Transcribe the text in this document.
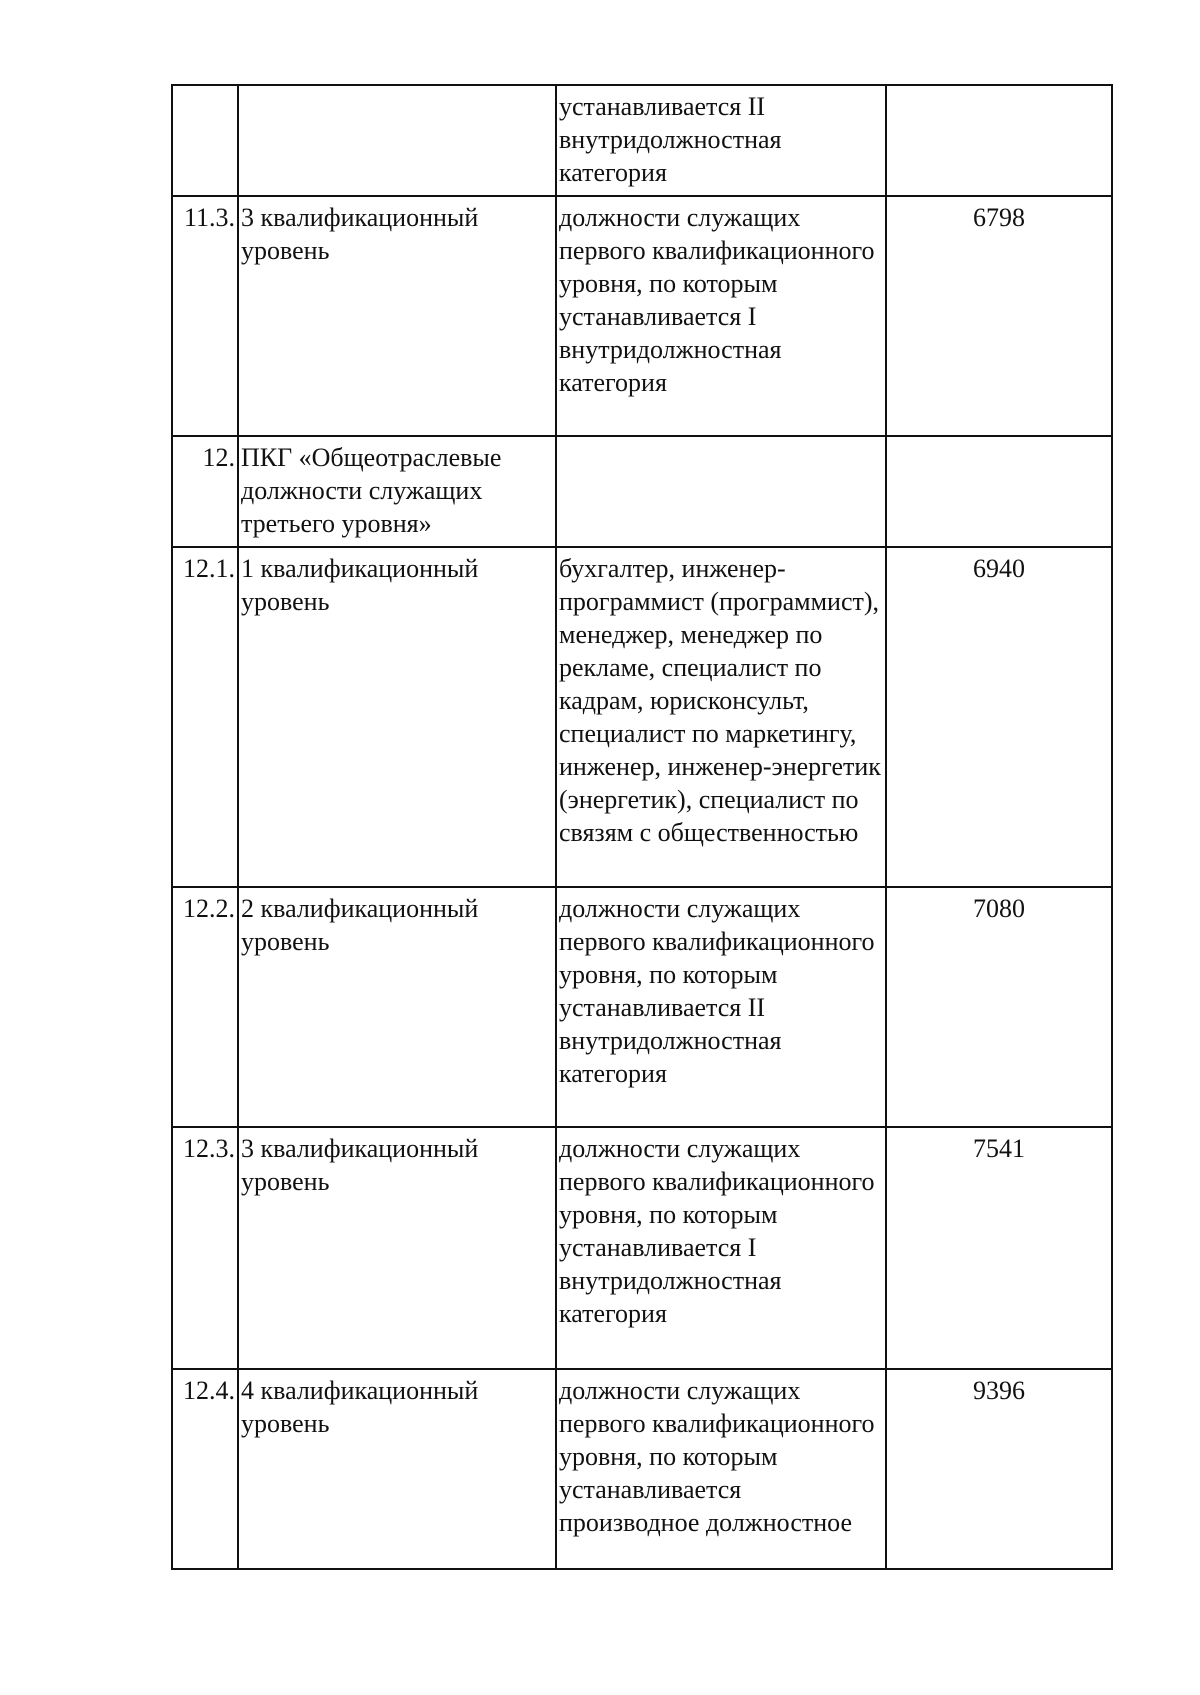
		устанавливается II внутридолжностная категория	
11.3.	3 квалификационный уровень	должности служащих первого квалификационного уровня, по которым устанавливается I внутридолжностная категория	6798
12.	ПКГ «Общеотраслевые должности служащих третьего уровня»		
12.1.	1 квалификационный уровень	бухгалтер, инженер-программист (программист), менеджер, менеджер по рекламе, специалист по кадрам, юрисконсульт, специалист по маркетингу, инженер, инженер-энергетик (энергетик), специалист по связям с общественностью	6940
12.2.	2 квалификационный уровень	должности служащих первого квалификационного уровня, по которым устанавливается II внутридолжностная категория	7080
12.3.	3 квалификационный уровень	должности служащих первого квалификационного уровня, по которым устанавливается I внутридолжностная категория	7541
12.4.	4 квалификационный уровень	должности служащих первого квалификационного уровня, по которым устанавливается производное должностное	9396
